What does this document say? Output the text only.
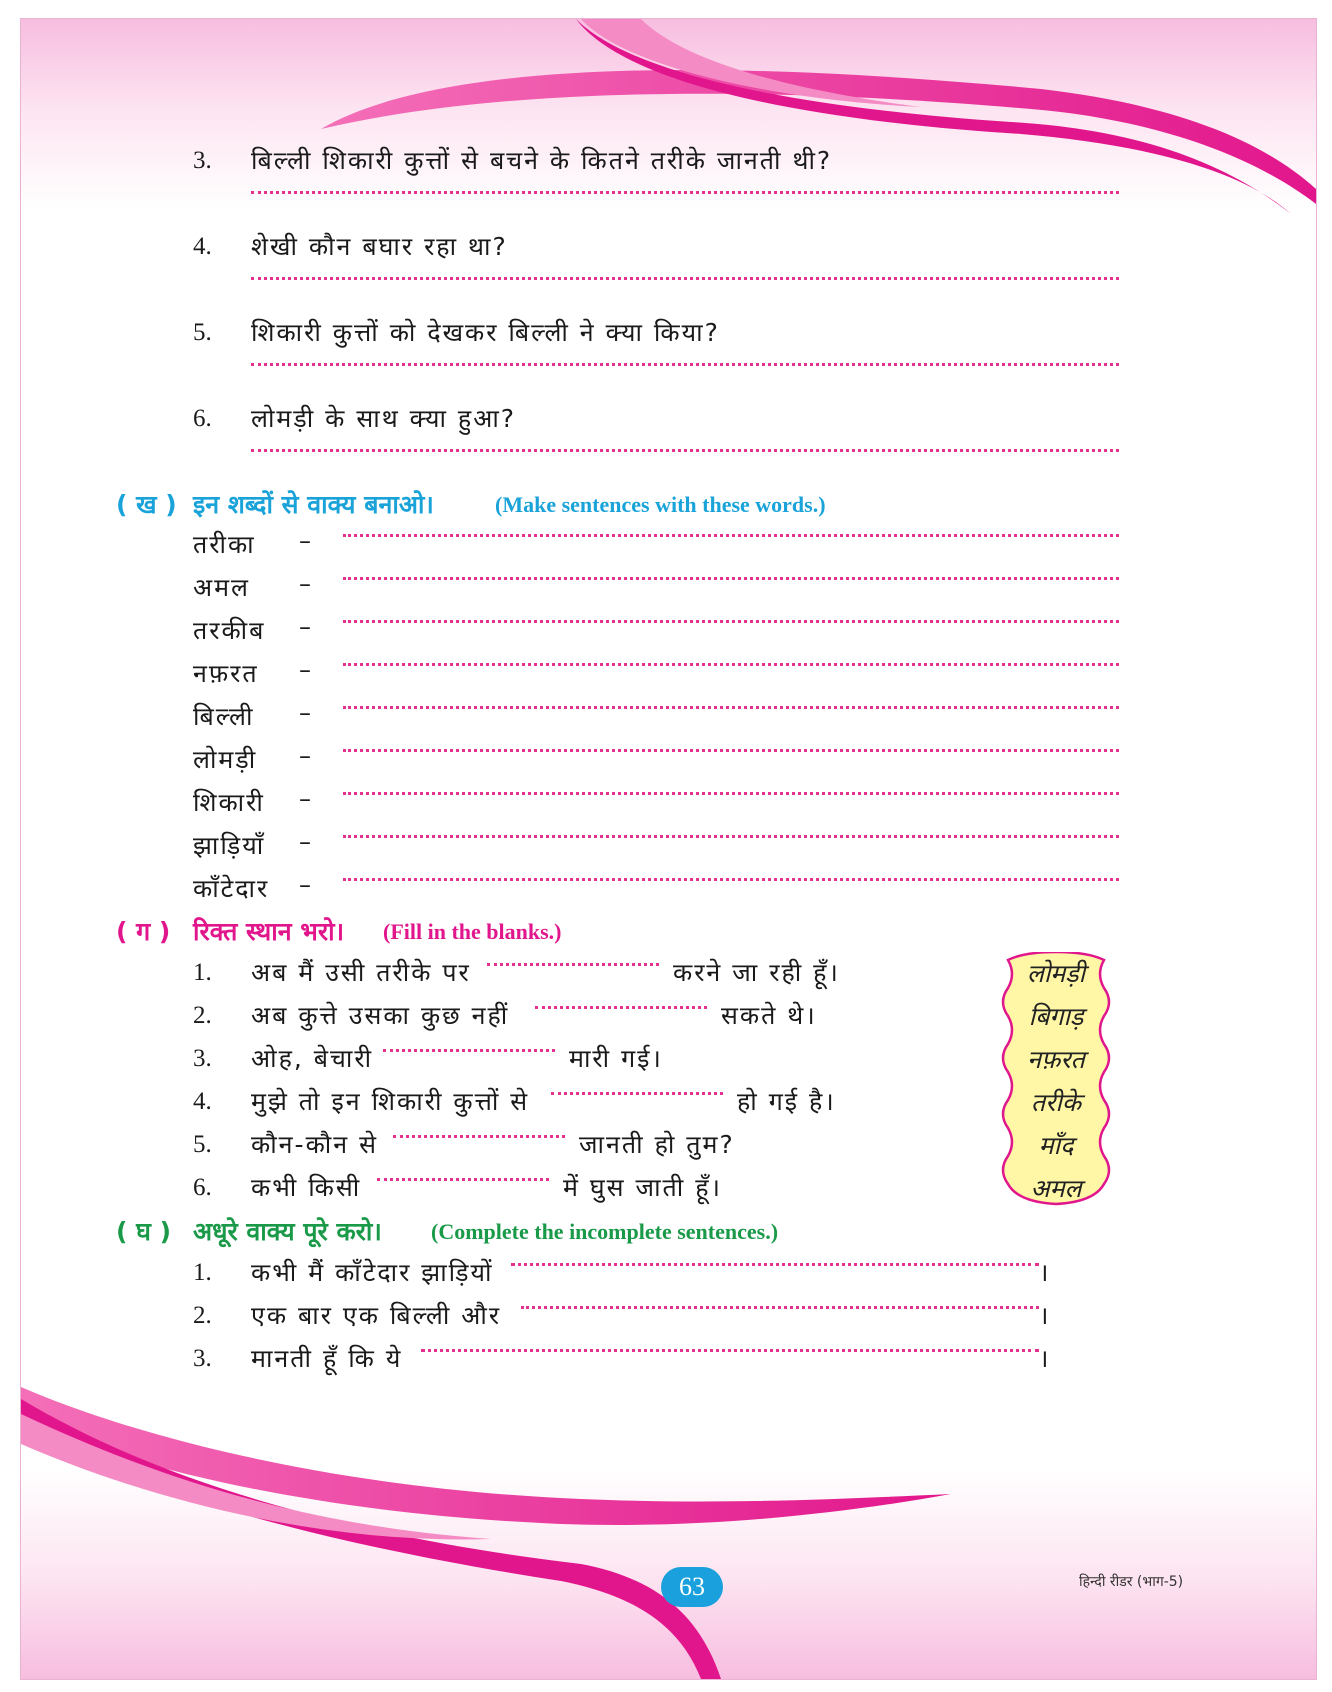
3. बिल्ली शिकारी कुत्तों से बचने के कितने तरीके जानती थी?
4. शेखी कौन बघार रहा था?
5. शिकारी कुत्तों को देखकर बिल्ली ने क्या किया?
6. लोमड़ी के साथ क्या हुआ?
( ख ) इन शब्दों से वाक्य बनाओ।	(Make sentences with these words.)
तरीका –
अमल –
तरकीब –
नफ़रत –
बिल्ली –
लोमड़ी –
शिकारी –
झाड़ियाँ –
काँटेदार –
( ग ) रिक्त स्थान भरो। (Fill in the blanks.)
1. अब मैं उसी तरीके पर	करने जा रही हूँ।
2. अब कुत्ते उसका कुछ नहीं	सकते थे।
3. ओह, बेचारी	मारी गई।
4. मुझे तो इन शिकारी कुत्तों से	हो गई है।
5. कौन-कौन से	जानती हो तुम?
6. कभी किसी	में घुस जाती हूँ।
लोमड़ी
बिगाड़
नफ़रत
तरीके
माँद
अमल
( घ ) अधूरे वाक्य पूरे करो। (Complete the incomplete sentences.)
1. कभी मैं काँटेदार झाड़ियों	।
2. एक बार एक बिल्ली और	।
3. मानती हूँ कि ये	।
63	हिन्दी रीडर (भाग-5)
